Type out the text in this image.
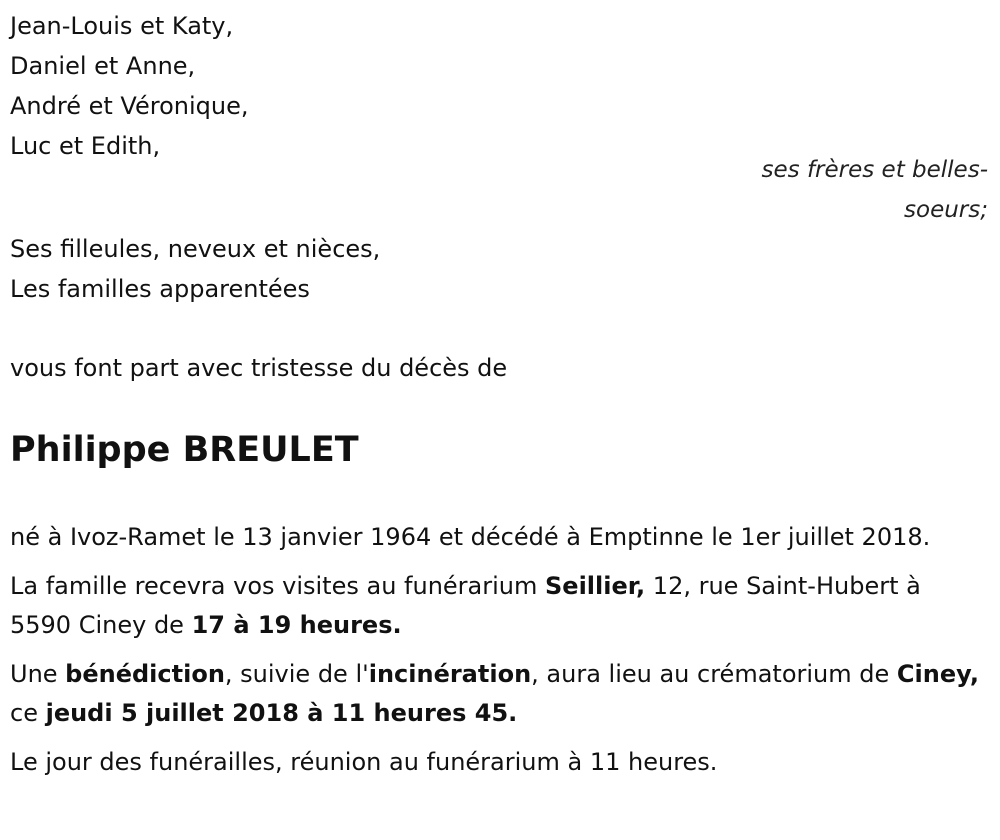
Jean-Louis et Katy,
Daniel et Anne,
André et Véronique,
Luc et Edith,
ses frères et belles-
soeurs;
Ses filleules, neveux et nièces,
Les familles apparentées
vous font part avec tristesse du décès de
Philippe BREULET

né à Ivoz-Ramet le 13 janvier 1964 et décédé à Emptinne le 1er juillet 2018.

La famille recevra vos visites au funérarium Seillier, 12, rue Saint-Hubert à 5590 Ciney de 17 à 19 heures.

Une bénédiction, suivie de l'incinération, aura lieu au crématorium de Ciney, ce jeudi 5 juillet 2018 à 11 heures 45.

Le jour des funérailles, réunion au funérarium à 11 heures.
